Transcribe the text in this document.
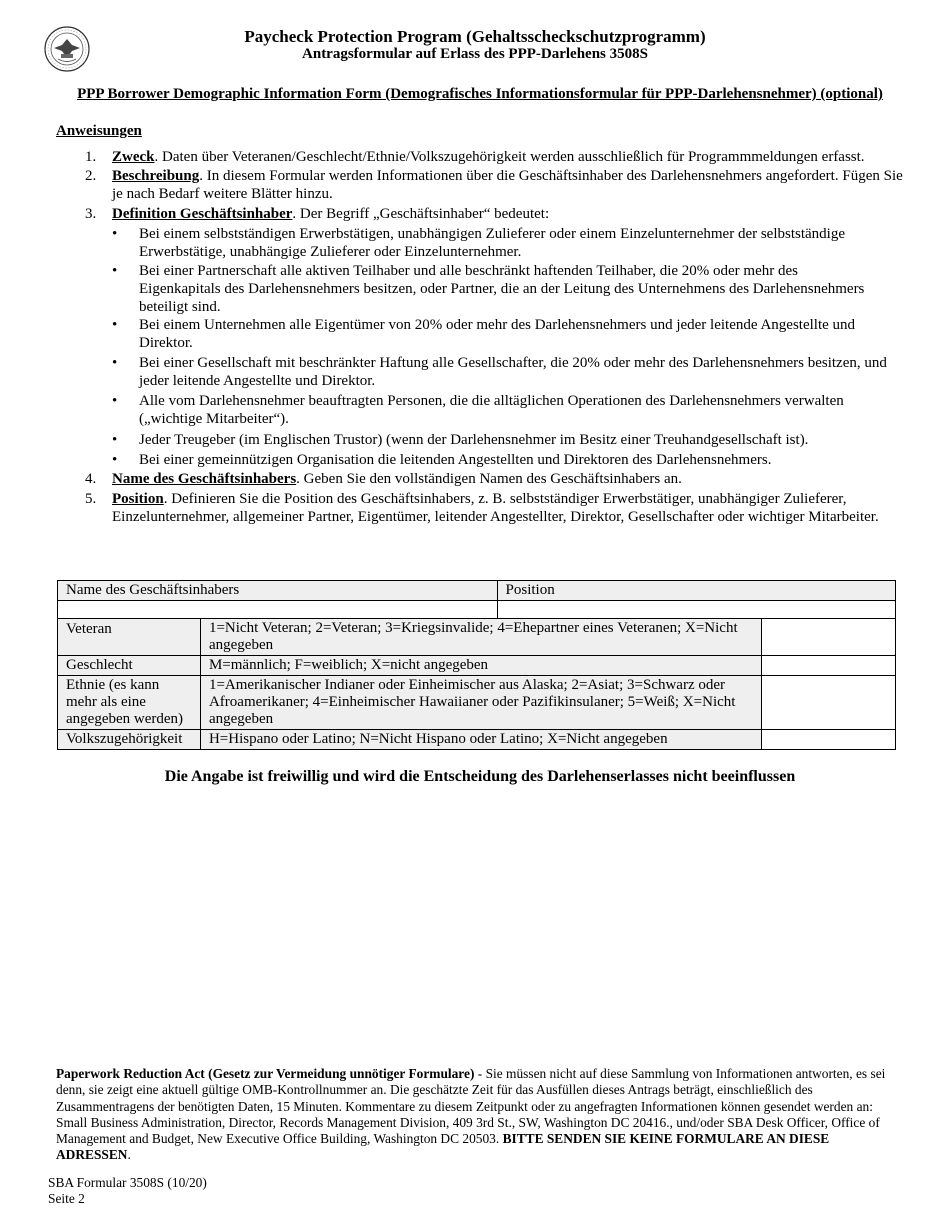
Paycheck Protection Program (Gehaltsscheckschutzprogramm)
Antragsformular auf Erlass des PPP-Darlehens 3508S
PPP Borrower Demographic Information Form (Demografisches Informationsformular für PPP-Darlehensnehmer) (optional)
Anweisungen
1. Zweck. Daten über Veteranen/Geschlecht/Ethnie/Volkszugehörigkeit werden ausschließlich für Programmmeldungen erfasst.
2. Beschreibung. In diesem Formular werden Informationen über die Geschäftsinhaber des Darlehensnehmers angefordert. Fügen Sie je nach Bedarf weitere Blätter hinzu.
3. Definition Geschäftsinhaber. Der Begriff „Geschäftsinhaber“ bedeutet:
• Bei einem selbstständigen Erwerbstätigen, unabhängigen Zulieferer oder einem Einzelunternehmer der selbstständige Erwerbstätige, unabhängige Zulieferer oder Einzelunternehmer.
• Bei einer Partnerschaft alle aktiven Teilhaber und alle beschränkt haftenden Teilhaber, die 20% oder mehr des Eigenkapitals des Darlehensnehmers besitzen, oder Partner, die an der Leitung des Unternehmens des Darlehensnehmers beteiligt sind.
• Bei einem Unternehmen alle Eigentümer von 20% oder mehr des Darlehensnehmers und jeder leitende Angestellte und Direktor.
• Bei einer Gesellschaft mit beschränkter Haftung alle Gesellschafter, die 20% oder mehr des Darlehensnehmers besitzen, und jeder leitende Angestellte und Direktor.
• Alle vom Darlehensnehmer beauftragten Personen, die die alltäglichen Operationen des Darlehensnehmers verwalten („wichtige Mitarbeiter“).
• Jeder Treugeber (im Englischen Trustor) (wenn der Darlehensnehmer im Besitz einer Treuhandgesellschaft ist).
• Bei einer gemeinnützigen Organisation die leitenden Angestellten und Direktoren des Darlehensnehmers.
4. Name des Geschäftsinhabers. Geben Sie den vollständigen Namen des Geschäftsinhabers an.
5. Position. Definieren Sie die Position des Geschäftsinhabers, z. B. selbstständiger Erwerbstätiger, unabhängiger Zulieferer, Einzelunternehmer, allgemeiner Partner, Eigentümer, leitender Angestellter, Direktor, Gesellschafter oder wichtiger Mitarbeiter.
Name des Geschäftsinhabers		Position	

Veteran	1=Nicht Veteran; 2=Veteran; 3=Kriegsinvalide; 4=Ehepartner eines Veteranen; X=Nicht angegeben		
Geschlecht	M=männlich; F=weiblich; X=nicht angegeben		
Ethnie (es kann mehr als eine angegeben werden)	1=Amerikanischer Indianer oder Einheimischer aus Alaska; 2=Asiat; 3=Schwarz oder Afroamerikaner; 4=Einheimischer Hawaiianer oder Pazifikinsulaner; 5=Weiß; X=Nicht angegeben		
Volkszugehörigkeit	H=Hispano oder Latino; N=Nicht Hispano oder Latino; X=Nicht angegeben		
Die Angabe ist freiwillig und wird die Entscheidung des Darlehenserlasses nicht beeinflussen
Paperwork Reduction Act (Gesetz zur Vermeidung unnötiger Formulare) - Sie müssen nicht auf diese Sammlung von Informationen antworten, es sei denn, sie zeigt eine aktuell gültige OMB-Kontrollnummer an. Die geschätzte Zeit für das Ausfüllen dieses Antrags beträgt, einschließlich des Zusammentragens der benötigten Daten, 15 Minuten. Kommentare zu diesem Zeitpunkt oder zu angefragten Informationen können gesendet werden an: Small Business Administration, Director, Records Management Division, 409 3rd St., SW, Washington DC 20416., und/oder SBA Desk Officer, Office of Management and Budget, New Executive Office Building, Washington DC 20503. BITTE SENDEN SIE KEINE FORMULARE AN DIESE ADRESSEN.
SBA Formular 3508S (10/20)
Seite 2
